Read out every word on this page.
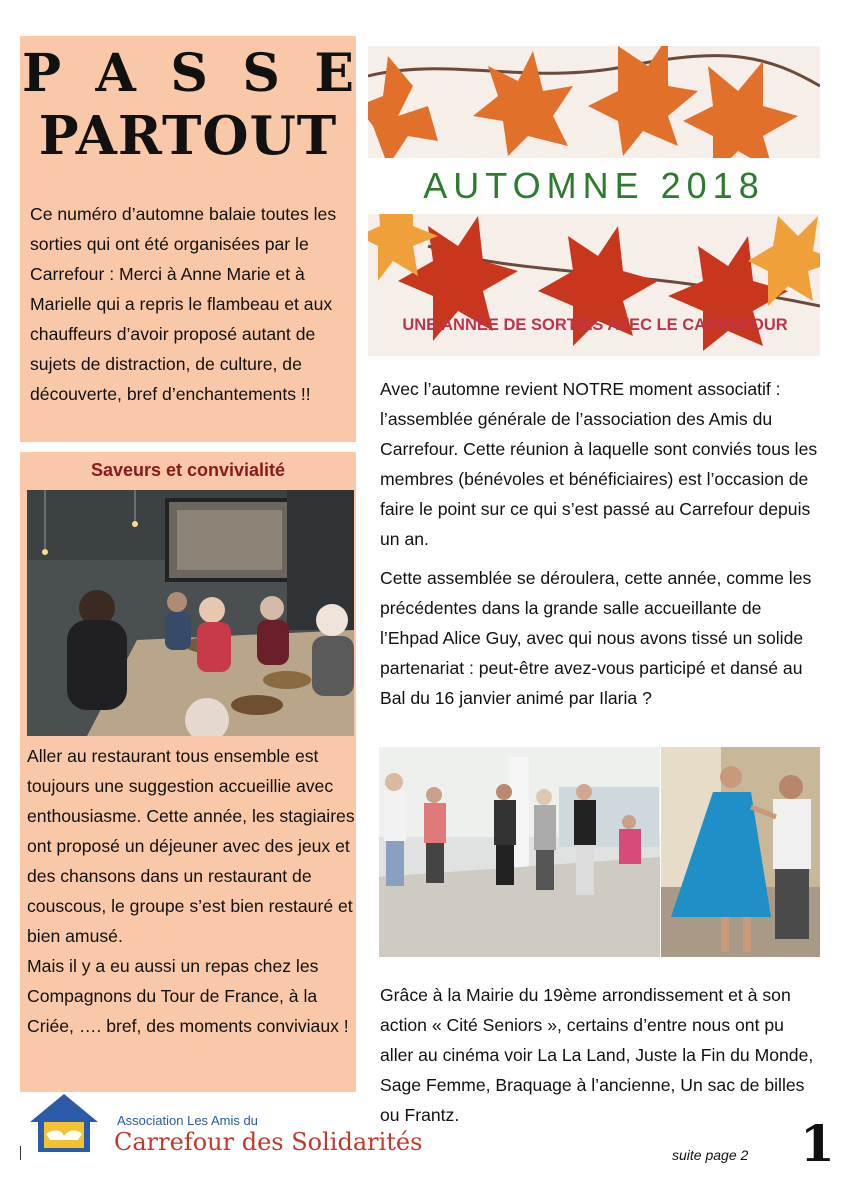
P A S S E
PARTOUT
Ce numéro d’automne balaie toutes les sorties qui ont été organisées par le Carrefour : Merci à Anne Marie et à Marielle qui a repris le flambeau et aux chauffeurs d’avoir proposé autant de sujets de distraction, de culture, de découverte, bref d’enchantements !!
Saveurs et convivialité
Aller au restaurant tous ensemble est toujours une suggestion accueillie avec enthousiasme. Cette année, les stagiaires ont proposé un déjeuner avec des jeux et des chansons dans un restaurant de couscous, le groupe s’est bien restauré et bien amusé.
Mais il y a eu aussi un repas chez les Compagnons du Tour de France, à la Criée, …. bref, des moments conviviaux !
AUTOMNE 2018
UNE ANNEE DE SORTIES AVEC LE CARREFOUR
Avec l’automne revient NOTRE moment associatif : l’assemblée générale de l’association des Amis du Carrefour. Cette réunion à laquelle sont conviés tous les membres (bénévoles et bénéficiaires) est l’occasion de faire le point sur ce qui s’est passé au Carrefour depuis un an.
Cette assemblée se déroulera, cette année, comme les précédentes dans la grande salle accueillante de l’Ehpad Alice Guy, avec qui nous avons tissé un solide partenariat : peut-être avez-vous participé et dansé au Bal du 16 janvier animé par Ilaria ?
Grâce à la Mairie du 19ème arrondissement et à son action « Cité Seniors », certains d’entre nous ont pu aller au cinéma voir La La Land, Juste la Fin du Monde, Sage Femme, Braquage à l’ancienne, Un sac de billes ou Frantz.
Association Les Amis du
Carrefour des Solidarités	suite page 2 1
